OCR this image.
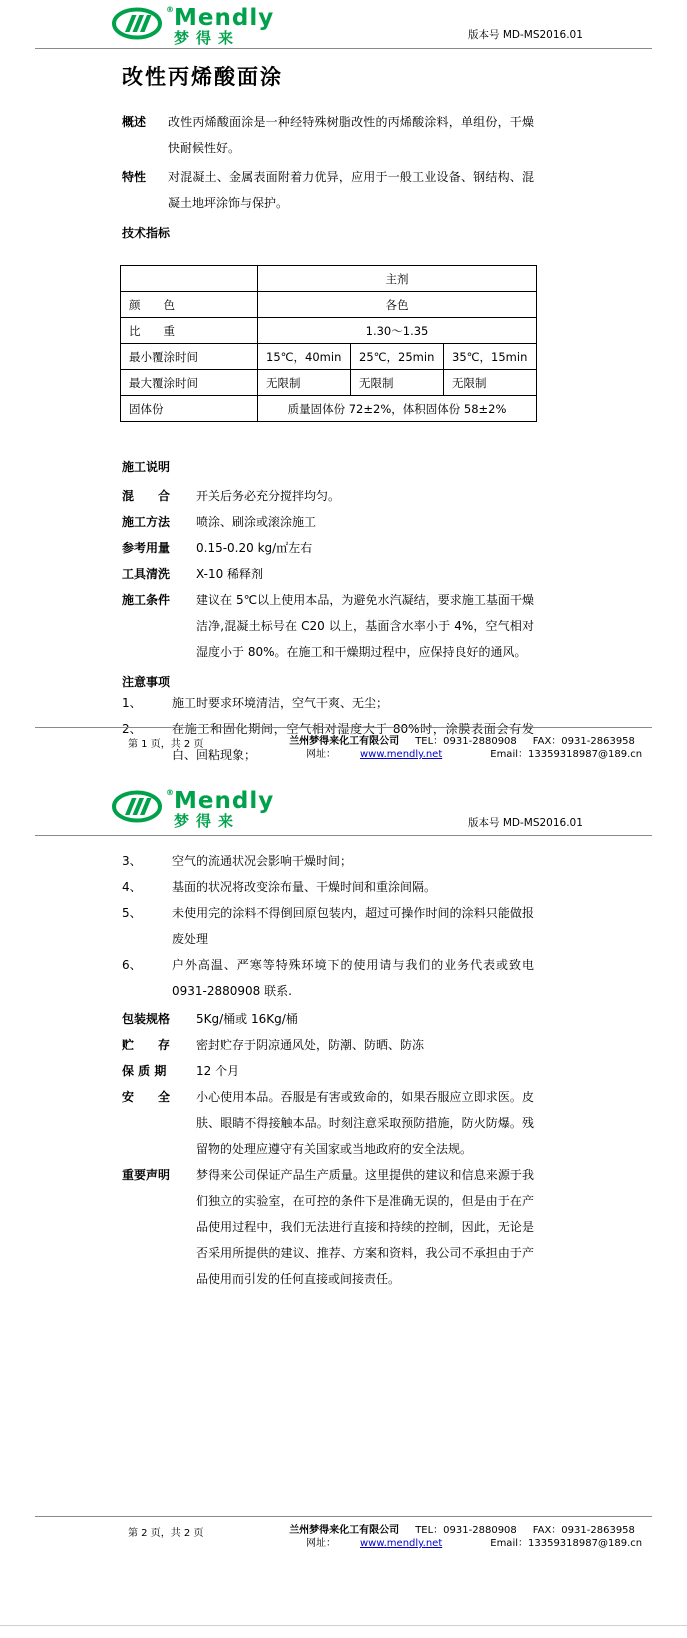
® Mendly
梦得来	版本号 MD-MS2016.01
改性丙烯酸面涂
概述	改性丙烯酸面涂是一种经特殊树脂改性的丙烯酸涂料，单组份，干燥快耐候性好。
特性	对混凝土、金属表面附着力优异，应用于一般工业设备、钢结构、混凝土地坪涂饰与保护。
技术指标
	主剂		
颜　　色	各色		
比　　重	1.30～1.35		
最小覆涂时间	15℃，40min	25℃，25min	35℃，15min
最大覆涂时间	无限制	无限制	无限制
固体份	质量固体份 72±2%，体积固体份 58±2%		
施工说明
混　　合	开关后务必充分搅拌均匀。
施工方法	喷涂、刷涂或滚涂施工
参考用量	0.15-0.20 kg/㎡左右
工具清洗	X-10 稀释剂
施工条件	建议在 5℃以上使用本品，为避免水汽凝结，要求施工基面干燥洁净,混凝土标号在 C20 以上，基面含水率小于 4%，空气相对湿度小于 80%。在施工和干燥期过程中，应保持良好的通风。
注意事项
1、	施工时要求环境清洁，空气干爽、无尘；
2、	在施工和固化期间，空气相对湿度大于 80%时，涂膜表面会有发白、回粘现象；
第 1 页，共 2 页	兰州梦得来化工有限公司 TEL：0931-2880908 FAX：0931-2863958
网址： www.mendly.net	Email：13359318987@189.cn
® Mendly
梦得来	版本号 MD-MS2016.01
3、	空气的流通状况会影响干燥时间；
4、	基面的状况将改变涂布量、干燥时间和重涂间隔。
5、	未使用完的涂料不得倒回原包装内，超过可操作时间的涂料只能做报废处理
6、	户外高温、严寒等特殊环境下的使用请与我们的业务代表或致电 0931-2880908 联系.
包装规格	5Kg/桶或 16Kg/桶
贮　　存	密封贮存于阴凉通风处，防潮、防晒、防冻
保 质 期	12 个月
安　　全	小心使用本品。吞服是有害或致命的，如果吞服应立即求医。皮肤、眼睛不得接触本品。时刻注意采取预防措施，防火防爆。残留物的处理应遵守有关国家或当地政府的安全法规。
重要声明	梦得来公司保证产品生产质量。这里提供的建议和信息来源于我们独立的实验室，在可控的条件下是准确无误的，但是由于在产品使用过程中，我们无法进行直接和持续的控制，因此，无论是否采用所提供的建议、推荐、方案和资料，我公司不承担由于产品使用而引发的任何直接或间接责任。
第 2 页，共 2 页	兰州梦得来化工有限公司 TEL：0931-2880908 FAX：0931-2863958
网址： www.mendly.net	Email：13359318987@189.cn
